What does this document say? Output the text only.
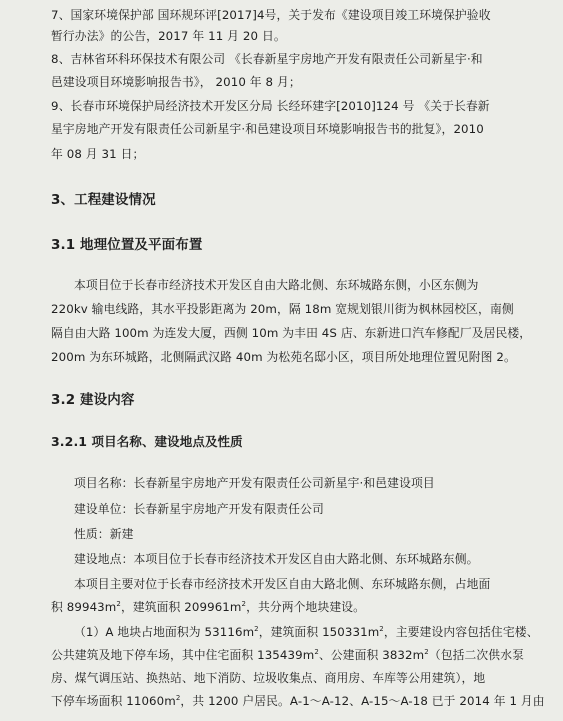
7、国家环境保护部 国环规环评[2017]4号，关于发布《建设项目竣工环境保护验收
暂行办法》的公告，2017 年 11 月 20 日。
8、吉林省环科环保技术有限公司 《长春新星宇房地产开发有限责任公司新星宇·和
邑建设项目环境影响报告书》， 2010 年 8 月；
9、长春市环境保护局经济技术开发区分局 长经环建字[2010]124 号 《关于长春新
星宇房地产开发有限责任公司新星宇·和邑建设项目环境影响报告书的批复》，2010
年 08 月 31 日；
3、工程建设情况
3.1 地理位置及平面布置
本项目位于长春市经济技术开发区自由大路北侧、东环城路东侧，小区东侧为
220kv 输电线路，其水平投影距离为 20m，隔 18m 宽规划银川街为枫林园校区，南侧
隔自由大路 100m 为连发大厦，西侧 10m 为丰田 4S 店、东新进口汽车修配厂及居民楼，
200m 为东环城路，北侧隔武汉路 40m 为松苑名邸小区，项目所处地理位置见附图 2。
3.2 建设内容
3.2.1 项目名称、建设地点及性质
项目名称：长春新星宇房地产开发有限责任公司新星宇·和邑建设项目
建设单位：长春新星宇房地产开发有限责任公司
性质：新建
建设地点：本项目位于长春市经济技术开发区自由大路北侧、东环城路东侧。
本项目主要对位于长春市经济技术开发区自由大路北侧、东环城路东侧，占地面
积 $89943m^2$，建筑面积 $209961m^2$，共分两个地块建设。
（1）A 地块占地面积为 $53116m^2$，建筑面积 $150331m^2$，主要建设内容包括住宅楼、
公共建筑及地下停车场，其中住宅面积 $135439m^2$、公建面积 $3832m^2$（包括二次供水泵
房、煤气调压站、换热站、地下消防、垃圾收集点、商用房、车库等公用建筑），地
下停车场面积 $11060m^2$，共 1200 户居民。A-1～A-12、A-15～A-18 已于 2014 年 1 月由
